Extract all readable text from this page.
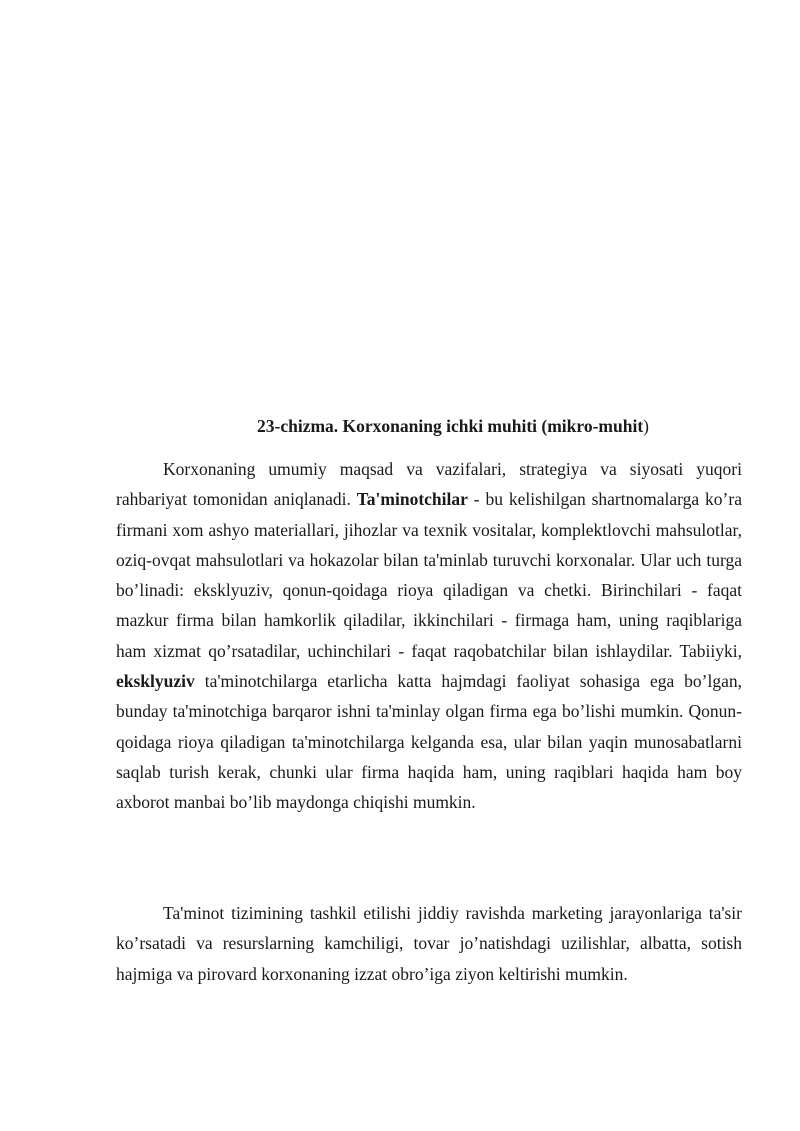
23-chizma. Korxonaning ichki muhiti (mikro-muhit)

Korxonaning umumiy maqsad va vazifalari, strategiya va siyosati yuqori rahbariyat tomonidan aniqlanadi. Ta'minotchilar - bu kelishilgan shartnomalarga ko’ra firmani xom ashyo materiallari, jihozlar va texnik vositalar, komplektlovchi mahsulotlar, oziq-ovqat mahsulotlari va hokazolar bilan ta'minlab turuvchi korxonalar. Ular uch turga bo’linadi: eksklyuziv, qonun-qoidaga rioya qiladigan va chetki. Birinchilari - faqat mazkur firma bilan hamkorlik qiladilar, ikkinchilari - firmaga ham, uning raqiblariga ham xizmat qo’rsatadilar, uchinchilari - faqat raqobatchilar bilan ishlaydilar. Tabiiyki, eksklyuziv ta'minotchilarga etarlicha katta hajmdagi faoliyat sohasiga ega bo’lgan, bunday ta'minotchiga barqaror ishni ta'minlay olgan firma ega bo’lishi mumkin. Qonun-qoidaga rioya qiladigan ta'minotchilarga kelganda esa, ular bilan yaqin munosabatlarni saqlab turish kerak, chunki ular firma haqida ham, uning raqiblari haqida ham boy axborot manbai bo’lib maydonga chiqishi mumkin.

Ta'minot tizimining tashkil etilishi jiddiy ravishda marketing jarayonlariga ta'sir ko’rsatadi va resurslarning kamchiligi, tovar jo’natishdagi uzilishlar, albatta, sotish hajmiga va pirovard korxonaning izzat obro’iga ziyon keltirishi mumkin.
